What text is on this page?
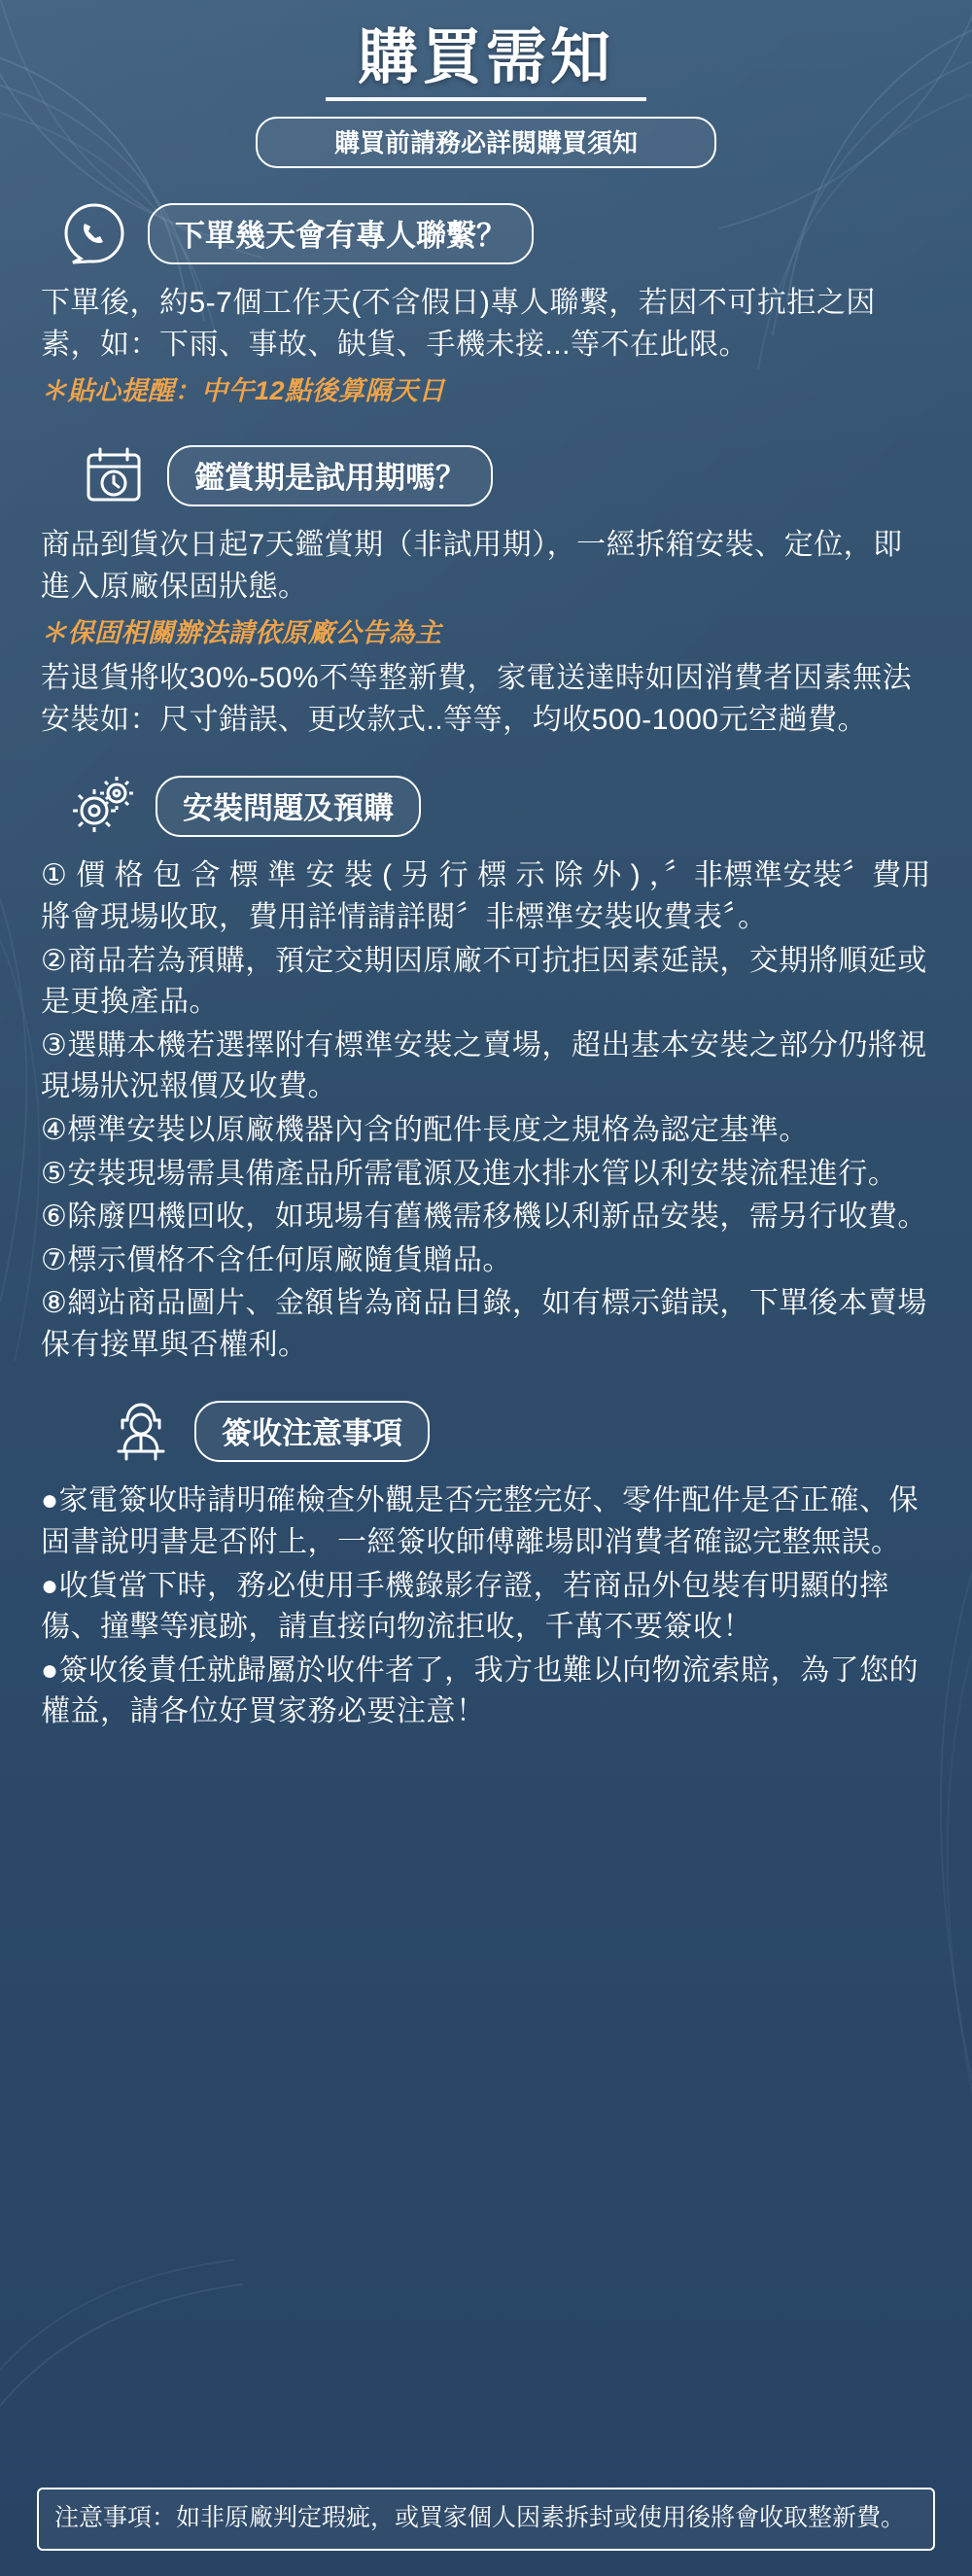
購買需知
購買前請務必詳閱購買須知
下單幾天會有專人聯繫？
下單後，約5-7個工作天(不含假日)專人聯繫，若因不可抗拒之因素，如：下雨、事故、缺貨、手機未接...等不在此限。
＊貼心提醒：中午12點後算隔天日
鑑賞期是試用期嗎？
商品到貨次日起7天鑑賞期（非試用期），一經拆箱安裝、定位，即進入原廠保固狀態。
＊保固相關辦法請依原廠公告為主
若退貨將收30%-50%不等整新費，家電送達時如因消費者因素無法安裝如：尺寸錯誤、更改款式..等等，均收500-1000元空趟費。
安裝問題及預購
① 價 格 包 含 標 準 安 裝 ( 另 行 標 示 除 外 ) ，〞非標準安裝〞費用將會現場收取，費用詳情請詳閱〞非標準安裝收費表〞。
②商品若為預購，預定交期因原廠不可抗拒因素延誤，交期將順延或是更換產品。
③選購本機若選擇附有標準安裝之賣場，超出基本安裝之部分仍將視現場狀況報價及收費。
④標準安裝以原廠機器內含的配件長度之規格為認定基準。
⑤安裝現場需具備產品所需電源及進水排水管以利安裝流程進行。
⑥除廢四機回收，如現場有舊機需移機以利新品安裝，需另行收費。
⑦標示價格不含任何原廠隨貨贈品。
⑧網站商品圖片、金額皆為商品目錄，如有標示錯誤，下單後本賣場保有接單與否權利。
簽收注意事項
●家電簽收時請明確檢查外觀是否完整完好、零件配件是否正確、保固書說明書是否附上，一經簽收師傅離場即消費者確認完整無誤。
●收貨當下時，務必使用手機錄影存證，若商品外包裝有明顯的摔傷、撞擊等痕跡，請直接向物流拒收，千萬不要簽收！
●簽收後責任就歸屬於收件者了，我方也難以向物流索賠，為了您的權益，請各位好買家務必要注意！
注意事項：如非原廠判定瑕疵，或買家個人因素拆封或使用後將會收取整新費。
